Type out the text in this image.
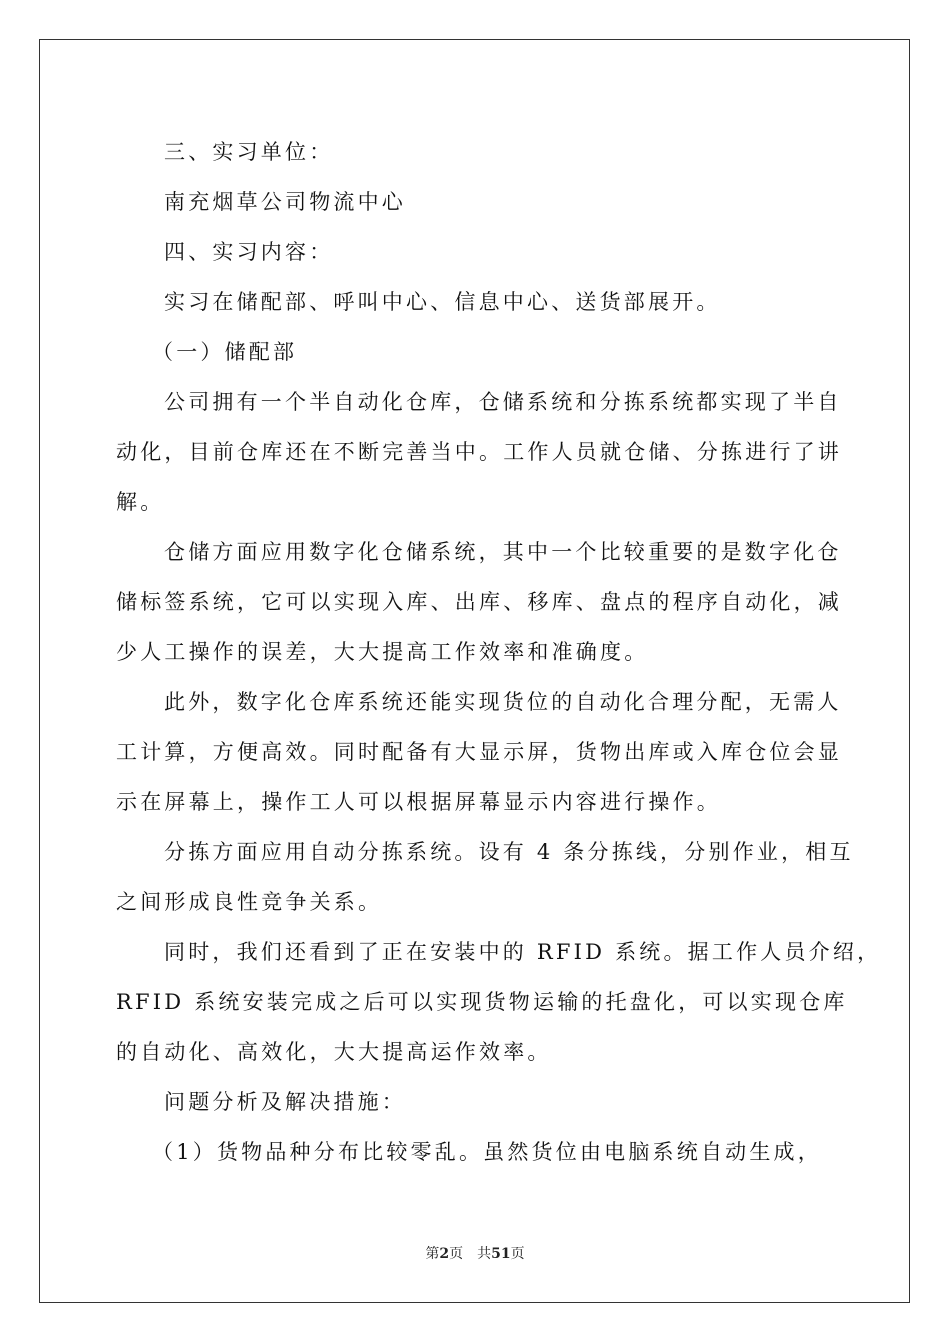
三、实习单位：
南充烟草公司物流中心
四、实习内容：
实习在储配部、呼叫中心、信息中心、送货部展开。
（一）储配部
公司拥有一个半自动化仓库，仓储系统和分拣系统都实现了半自
动化，目前仓库还在不断完善当中。工作人员就仓储、分拣进行了讲
解。
仓储方面应用数字化仓储系统，其中一个比较重要的是数字化仓
储标签系统，它可以实现入库、出库、移库、盘点的程序自动化，减
少人工操作的误差，大大提高工作效率和准确度。
此外，数字化仓库系统还能实现货位的自动化合理分配，无需人
工计算，方便高效。同时配备有大显示屏，货物出库或入库仓位会显
示在屏幕上，操作工人可以根据屏幕显示内容进行操作。
分拣方面应用自动分拣系统。设有 4 条分拣线，分别作业，相互
之间形成良性竞争关系。
同时，我们还看到了正在安装中的 RFID 系统。据工作人员介绍，
RFID 系统安装完成之后可以实现货物运输的托盘化，可以实现仓库
的自动化、高效化，大大提高运作效率。
问题分析及解决措施：
（1）货物品种分布比较零乱。虽然货位由电脑系统自动生成，
第2页 共51页
